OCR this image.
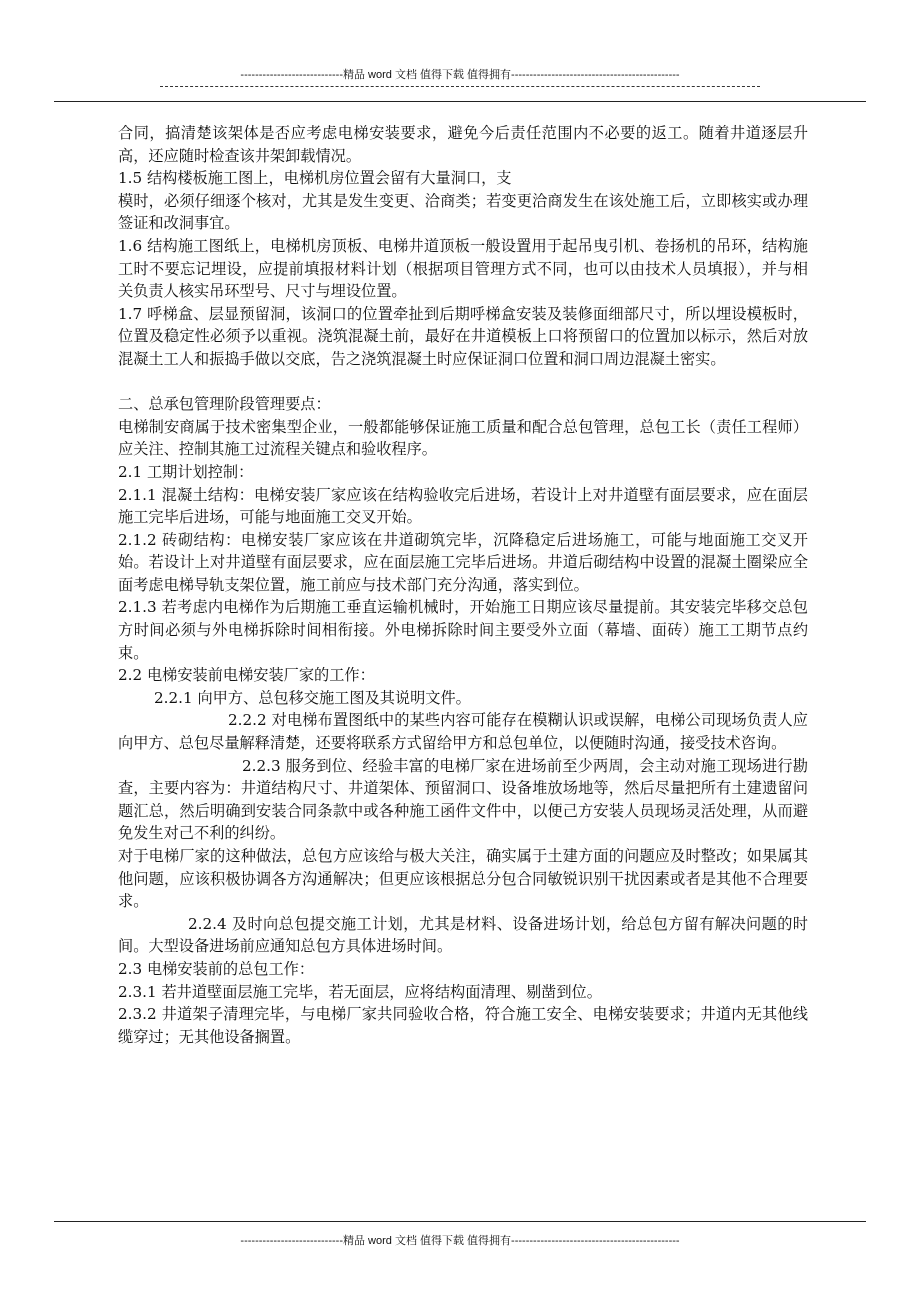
----------------------------精品 word 文档 值得下载 值得拥有----------------------------------------------

合同，搞清楚该架体是否应考虑电梯安装要求，避免今后责任范围内不必要的返工。随着井道逐层升高，还应随时检查该井架卸载情况。

1.5 结构楼板施工图上，电梯机房位置会留有大量洞口，支

模时，必须仔细逐个核对，尤其是发生变更、洽商类；若变更洽商发生在该处施工后，立即核实或办理签证和改洞事宜。

1.6 结构施工图纸上，电梯机房顶板、电梯井道顶板一般设置用于起吊曳引机、卷扬机的吊环，结构施工时不要忘记埋设，应提前填报材料计划（根据项目管理方式不同，也可以由技术人员填报），并与相关负责人核实吊环型号、尺寸与埋设位置。

1.7 呼梯盒、层显预留洞，该洞口的位置牵扯到后期呼梯盒安装及装修面细部尺寸，所以埋设模板时，位置及稳定性必须予以重视。浇筑混凝土前，最好在井道模板上口将预留口的位置加以标示，然后对放混凝土工人和振捣手做以交底，告之浇筑混凝土时应保证洞口位置和洞口周边混凝土密实。

二、总承包管理阶段管理要点：

电梯制安商属于技术密集型企业，一般都能够保证施工质量和配合总包管理，总包工长（责任工程师）应关注、控制其施工过流程关键点和验收程序。

2.1 工期计划控制：

2.1.1 混凝土结构：电梯安装厂家应该在结构验收完后进场，若设计上对井道壁有面层要求，应在面层施工完毕后进场，可能与地面施工交叉开始。

2.1.2 砖砌结构：电梯安装厂家应该在井道砌筑完毕，沉降稳定后进场施工，可能与地面施工交叉开始。若设计上对井道壁有面层要求，应在面层施工完毕后进场。井道后砌结构中设置的混凝土圈梁应全面考虑电梯导轨支架位置，施工前应与技术部门充分沟通，落实到位。

2.1.3 若考虑内电梯作为后期施工垂直运输机械时，开始施工日期应该尽量提前。其安装完毕移交总包方时间必须与外电梯拆除时间相衔接。外电梯拆除时间主要受外立面（幕墙、面砖）施工工期节点约束。

2.2 电梯安装前电梯安装厂家的工作：

2.2.1 向甲方、总包移交施工图及其说明文件。

2.2.2 对电梯布置图纸中的某些内容可能存在模糊认识或误解，电梯公司现场负责人应向甲方、总包尽量解释清楚，还要将联系方式留给甲方和总包单位，以便随时沟通，接受技术咨询。

2.2.3 服务到位、经验丰富的电梯厂家在进场前至少两周，会主动对施工现场进行勘查，主要内容为：井道结构尺寸、井道架体、预留洞口、设备堆放场地等，然后尽量把所有土建遗留问题汇总，然后明确到安装合同条款中或各种施工函件文件中，以便己方安装人员现场灵活处理，从而避免发生对己不利的纠纷。

对于电梯厂家的这种做法，总包方应该给与极大关注，确实属于土建方面的问题应及时整改；如果属其他问题，应该积极协调各方沟通解决；但更应该根据总分包合同敏锐识别干扰因素或者是其他不合理要求。

2.2.4 及时向总包提交施工计划，尤其是材料、设备进场计划，给总包方留有解决问题的时间。大型设备进场前应通知总包方具体进场时间。

2.3 电梯安装前的总包工作：

2.3.1 若井道壁面层施工完毕，若无面层，应将结构面清理、剔凿到位。

2.3.2 井道架子清理完毕，与电梯厂家共同验收合格，符合施工安全、电梯安装要求；井道内无其他线缆穿过；无其他设备搁置。

----------------------------精品 word 文档 值得下载 值得拥有----------------------------------------------
